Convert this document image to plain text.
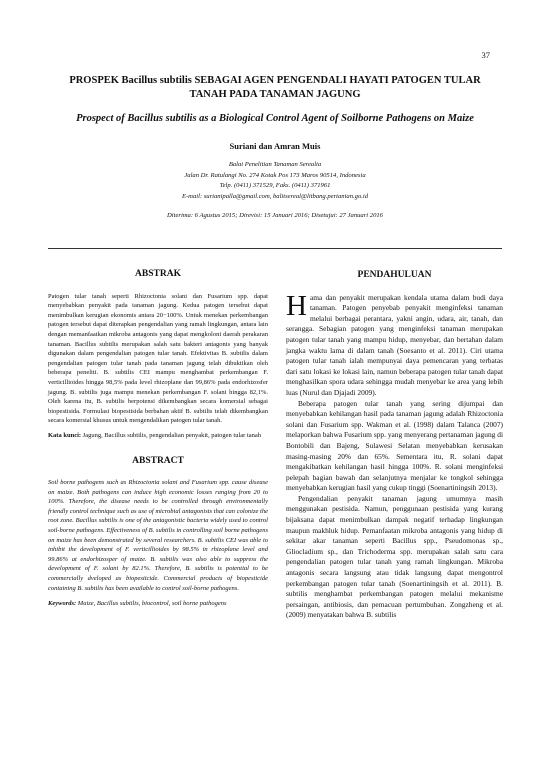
37

PROSPEK Bacillus subtilis SEBAGAI AGEN PENGENDALI HAYATI PATOGEN TULAR TANAH PADA TANAMAN JAGUNG

Prospect of Bacillus subtilis as a Biological Control Agent of Soilborne Pathogens on Maize

Suriani dan Amran Muis
Balai Penelitian Tanaman Serealia
Jalan Dr. Ratulangi No. 274 Kotak Pos 173 Maros 90514, Indonesia
Telp. (0411) 371529, Faks. (0411) 371961
E-mail: surianipalla@gmail.com, balitsereal@litbang.pertanian.go.id
Diterima: 6 Agustus 2015; Direvisi: 15 Januari 2016; Disetujui: 27 Januari 2016
ABSTRAK

Patogen tular tanah seperti Rhizoctonia solani dan Fusarium spp. dapat menyebabkan penyakit pada tanaman jagung. Kedua patogen tersebut dapat menimbulkan kerugian ekonomis antara 20−100%. Untuk menekan perkembangan patogen tersebut dapat diterapkan pengendalian yang ramah lingkungan, antara lain dengan memanfaatkan mikroba antagonis yang dapat mengkoloni daerah perakaran tanaman. Bacillus subtilis merupakan salah satu bakteri antagonis yang banyak digunakan dalam pengendalian patogen tular tanah. Efektivitas B. subtilis dalam pengendalian patogen tular tanah pada tanaman jagung telah dibuktikan oleh beberapa peneliti. B. subtilis CEI mampu menghambat perkembangan F. verticillioides hingga 98,5% pada level rhizoplane dan 99,86% pada endorhizosfer jagung. B. subtilis juga mampu menekan perkembangan F. solani hingga 82,1%. Oleh karena itu, B. subtilis berpotensi dikembangkan secara komersial sebagai biopestisida. Formulasi biopestisida berbahan aktif B. subtilis telah dikembangkan secara komersial khusus untuk mengendalikan patogen tular tanah.

Kata kunci: Jagung, Bacillus subtilis, pengendalian penyakit, patogen tular tanah
ABSTRACT

Soil borne pathogens such as Rhizoctonia solani and Fusarium spp. cause disease on maize. Both pathogens can induce high economic losses ranging from 20 to 100%. Therefore, the disease needs to be controlled through environmentally friendly control technique such as use of microbial antagonists that can colonize the root zone. Bacillus subtilis is one of the antagonistic bacteria widely used to control soil-borne pathogens. Effectiveness of B. subtilis in controlling soil borne pathogens on maize has been demonstrated by several researchers. B. subtilis CEI was able to inhibit the development of F. verticillioides by 98.5% in rhizoplane level and 99.86% at endorhizosper of maize. B. subtilis was also able to suppress the development of F. solani by 82.1%. Therefore, B. subtilis is potential to be commercially dveloped as biopesticide. Commercial products of biopesticide containing B. subtilis has been available to control soil-borne pathogens.

Keywords: Maize, Bacillus subtilis, biocontrol, soil borne pathogens
PENDAHULUAN

Hama dan penyakit merupakan kendala utama dalam budi daya tanaman. Patogen penyebab penyakit menginfeksi tanaman melalui berbagai perantara, yakni angin, udara, air, tanah, dan serangga. Sebagian patogen yang menginfeksi tanaman merupakan patogen tular tanah yang mampu hidup, menyebar, dan bertahan dalam jangka waktu lama di dalam tanah (Soesanto et al. 2011). Ciri utama patogen tular tanah ialah mempunyai daya pemencaran yang terbatas dari satu lokasi ke lokasi lain, namun beberapa patogen tular tanah dapat menghasilkan spora udara sehingga mudah menyebar ke area yang lebih luas (Nurul dan Djajadi 2009).

Beberapa patogen tular tanah yang sering dijumpai dan menyebabkan kehilangan hasil pada tanaman jagung adalah Rhizoctonia solani dan Fusarium spp. Wakman et al. (1998) dalam Talanca (2007) melaporkan bahwa Fusarium spp. yang menyerang pertanaman jagung di Bontobili dan Bajeng, Sulawesi Selatan menyebabkan kerusakan masing-masing 20% dan 65%. Sementara itu, R. solani dapat mengakibatkan kehilangan hasil hingga 100%. R. solani menginfeksi pelepah bagian bawah dan selanjutnya menjalar ke tongkol sehingga menyebabkan kerugian hasil yang cukup tinggi (Soenartiningsih 2013).

Pengendalian penyakit tanaman jagung umumnya masih menggunakan pestisida. Namun, penggunaan pestisida yang kurang bijaksana dapat menimbulkan dampak negatif terhadap lingkungan maupun makhluk hidup. Pemanfaatan mikroba antagonis yang hidup di sekitar akar tanaman seperti Bacillus spp., Pseudomonas sp., Gliocladium sp., dan Trichoderma spp. merupakan salah satu cara pengendalian patogen tular tanah yang ramah lingkungan. Mikroba antagonis secara langsung atau tidak langsung dapat mengontrol perkembangan patogen tular tanah (Soenartiningsih et al. 2011). B. subtilis menghambat perkembangan patogen melalui mekanisme persaingan, antibiosis, dan pemacuan pertumbuhan. Zongzheng et al. (2009) menyatakan bahwa B. subtilis
